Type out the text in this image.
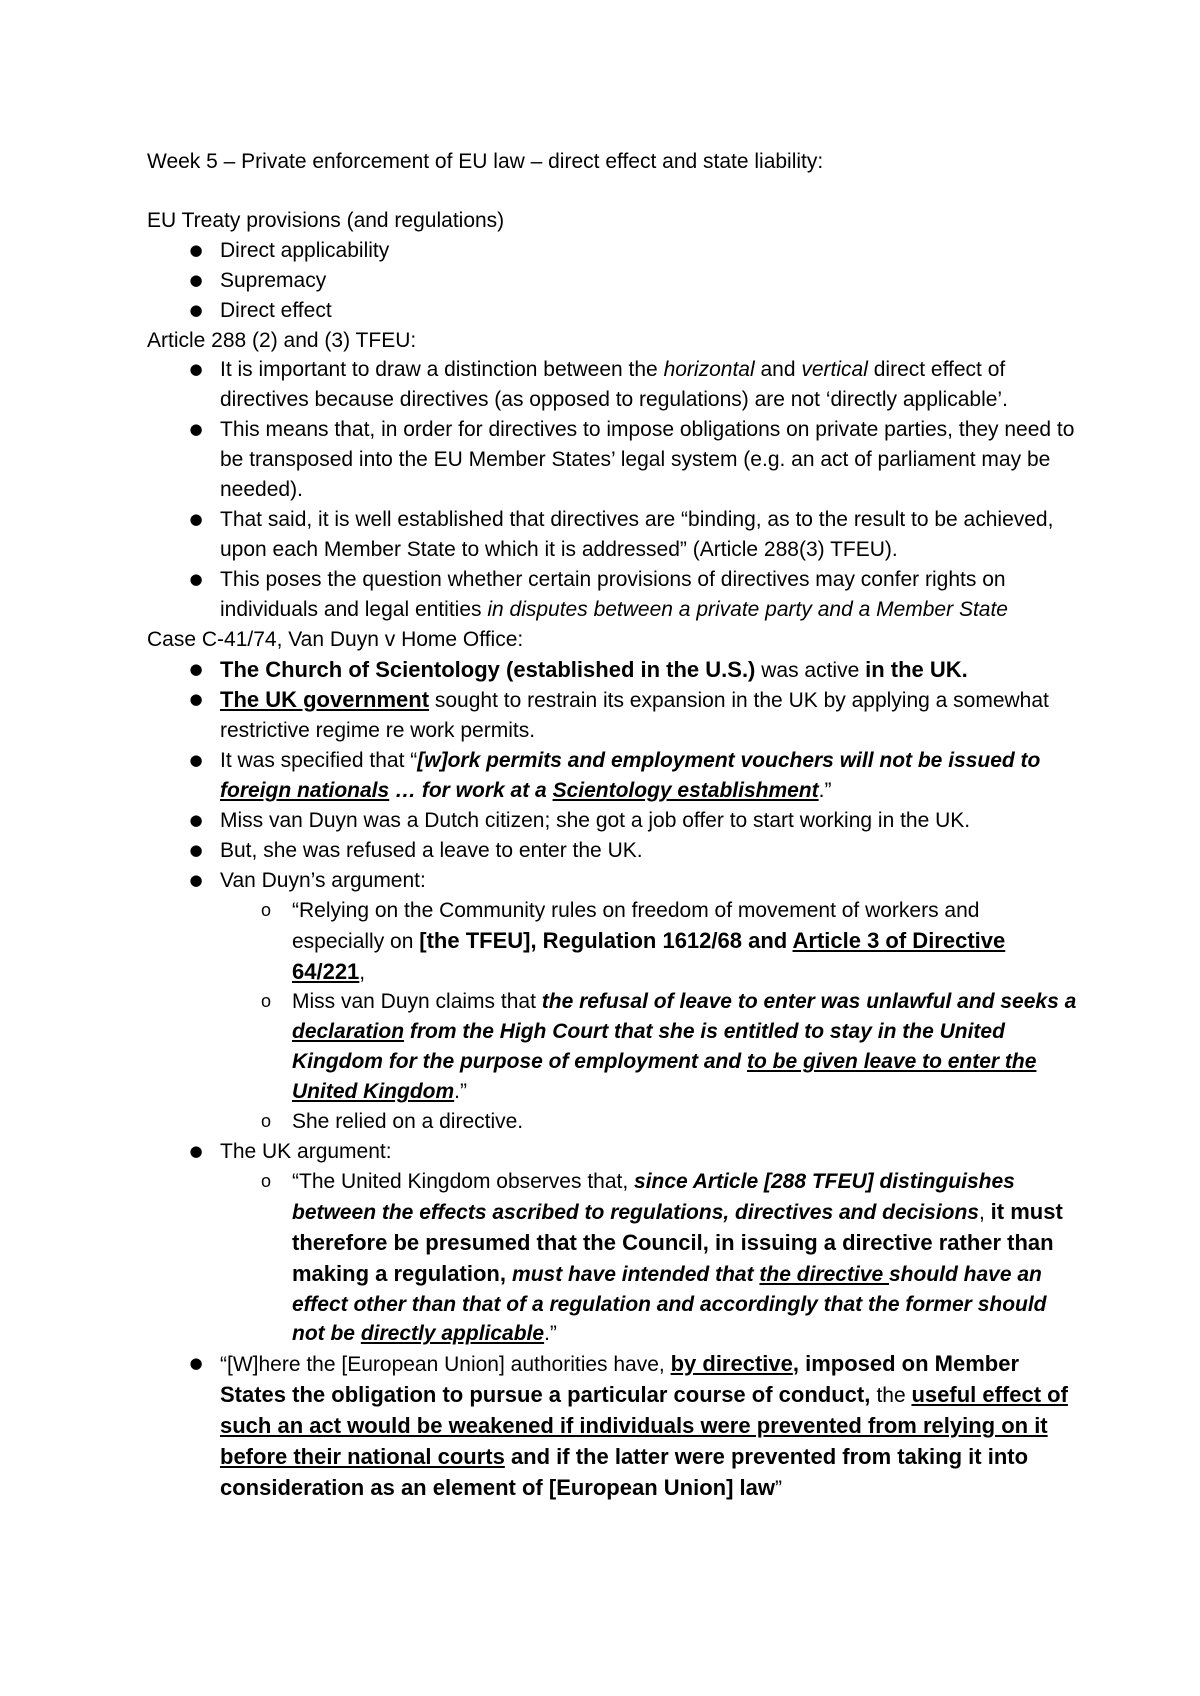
Week 5 – Private enforcement of EU law – direct effect and state liability:

EU Treaty provisions (and regulations)

● Direct applicability
● Supremacy
● Direct effect

Article 288 (2) and (3) TFEU:

● It is important to draw a distinction between the horizontal and vertical direct effect of directives because directives (as opposed to regulations) are not ‘directly applicable’.
● This means that, in order for directives to impose obligations on private parties, they need to be transposed into the EU Member States’ legal system (e.g. an act of parliament may be needed).
● That said, it is well established that directives are “binding, as to the result to be achieved, upon each Member State to which it is addressed” (Article 288(3) TFEU).
● This poses the question whether certain provisions of directives may confer rights on individuals and legal entities in disputes between a private party and a Member State

Case C-41/74, Van Duyn v Home Office:

● The Church of Scientology (established in the U.S.) was active in the UK.
● The UK government sought to restrain its expansion in the UK by applying a somewhat restrictive regime re work permits.
● It was specified that “[w]ork permits and employment vouchers will not be issued to foreign nationals … for work at a Scientology establishment.”
● Miss van Duyn was a Dutch citizen; she got a job offer to start working in the UK.
● But, she was refused a leave to enter the UK.
● Van Duyn’s argument:
o “Relying on the Community rules on freedom of movement of workers and especially on [the TFEU], Regulation 1612/68 and Article 3 of Directive 64/221,
o Miss van Duyn claims that the refusal of leave to enter was unlawful and seeks a declaration from the High Court that she is entitled to stay in the United Kingdom for the purpose of employment and to be given leave to enter the United Kingdom.”
o She relied on a directive.
● The UK argument:
o “The United Kingdom observes that, since Article [288 TFEU] distinguishes between the effects ascribed to regulations, directives and decisions, it must therefore be presumed that the Council, in issuing a directive rather than making a regulation, must have intended that the directive should have an effect other than that of a regulation and accordingly that the former should not be directly applicable.”
● “[W]here the [European Union] authorities have, by directive, imposed on Member States the obligation to pursue a particular course of conduct, the useful effect of such an act would be weakened if individuals were prevented from relying on it before their national courts and if the latter were prevented from taking it into consideration as an element of [European Union] law”
